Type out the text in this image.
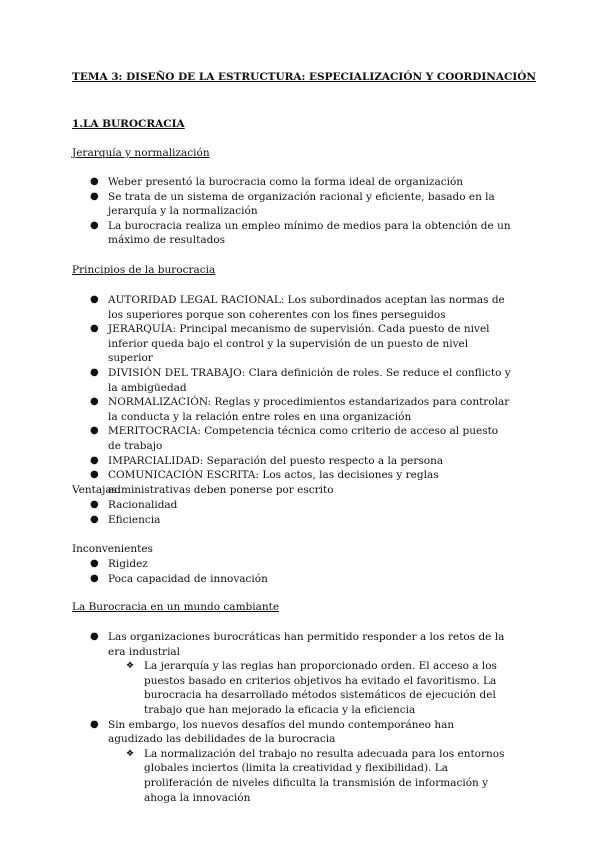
TEMA 3: DISEÑO DE LA ESTRUCTURA: ESPECIALIZACIÓN Y COORDINACIÓN
1.LA BUROCRACIA
Jerarquía y normalización
● Weber presentó la burocracia como la forma ideal de organización
● Se trata de un sistema de organización racional y eficiente, basado en la jerarquía y la normalización
● La burocracia realiza un empleo mínimo de medios para la obtención de un máximo de resultados
Principios de la burocracia
● AUTORIDAD LEGAL RACIONAL: Los subordinados aceptan las normas de los superiores porque son coherentes con los fines perseguidos
● JERARQUÍA: Principal mecanismo de supervisión. Cada puesto de nivel inferior queda bajo el control y la supervisión de un puesto de nivel superior
● DIVISIÓN DEL TRABAJO: Clara definición de roles. Se reduce el conflicto y la ambigüedad
● NORMALIZACIÓN: Reglas y procedimientos estandarizados para controlar la conducta y la relación entre roles en una organización
● MERITOCRACIA: Competencia técnica como criterio de acceso al puesto de trabajo
● IMPARCIALIDAD: Separación del puesto respecto a la persona
● COMUNICACIÓN ESCRITA: Los actos, las decisiones y reglas administrativas deben ponerse por escrito
Ventajas:
● Racionalidad
● Eficiencia
Inconvenientes
● Rigidez
● Poca capacidad de innovación
La Burocracia en un mundo cambiante
● Las organizaciones burocráticas han permitido responder a los retos de la era industrial
❖ La jerarquía y las reglas han proporcionado orden. El acceso a los puestos basado en criterios objetivos ha evitado el favoritismo. La burocracia ha desarrollado métodos sistemáticos de ejecución del trabajo que han mejorado la eficacia y la eficiencia
● Sin embargo, los nuevos desafíos del mundo contemporáneo han agudizado las debilidades de la burocracia
❖ La normalización del trabajo no resulta adecuada para los entornos globales inciertos (limita la creatividad y flexibilidad). La proliferación de niveles dificulta la transmisión de información y ahoga la innovación
